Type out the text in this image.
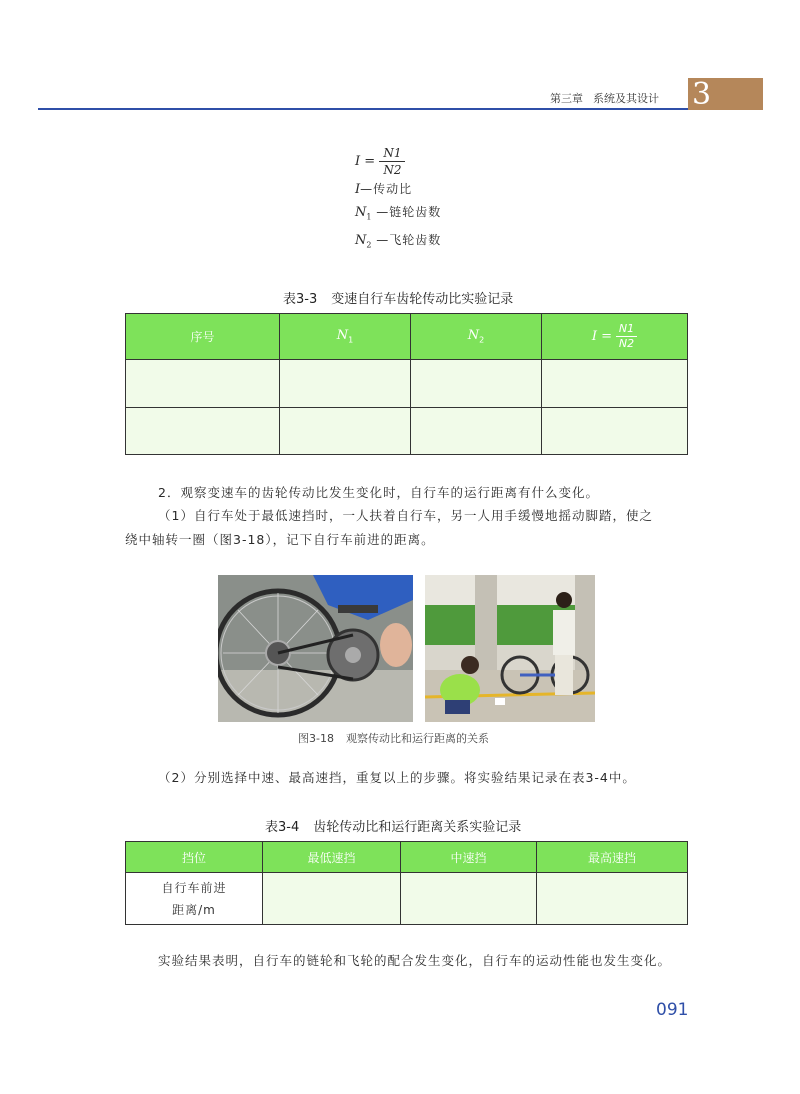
第三章 系统及其设计 3
$I = \frac{N1}{N2}$
I—传动比
$N_1$ —链轮齿数
$N_2$ —飞轮齿数
表3-3 变速自行车齿轮传动比实验记录
序号	$N_1$	$N_2$	$I = \frac{N1}{N2}$

2．观察变速车的齿轮传动比发生变化时，自行车的运行距离有什么变化。
（1）自行车处于最低速挡时，一人扶着自行车，另一人用手缓慢地摇动脚踏，使之
绕中轴转一圈（图3-18），记下自行车前进的距离。
图3-18 观察传动比和运行距离的关系
（2）分别选择中速、最高速挡，重复以上的步骤。将实验结果记录在表3-4中。
表3-4 齿轮传动比和运行距离关系实验记录
挡位	最低速挡	中速挡	最高速挡

自行车前进
距离/m			

实验结果表明，自行车的链轮和飞轮的配合发生变化，自行车的运动性能也发生变化。
091
